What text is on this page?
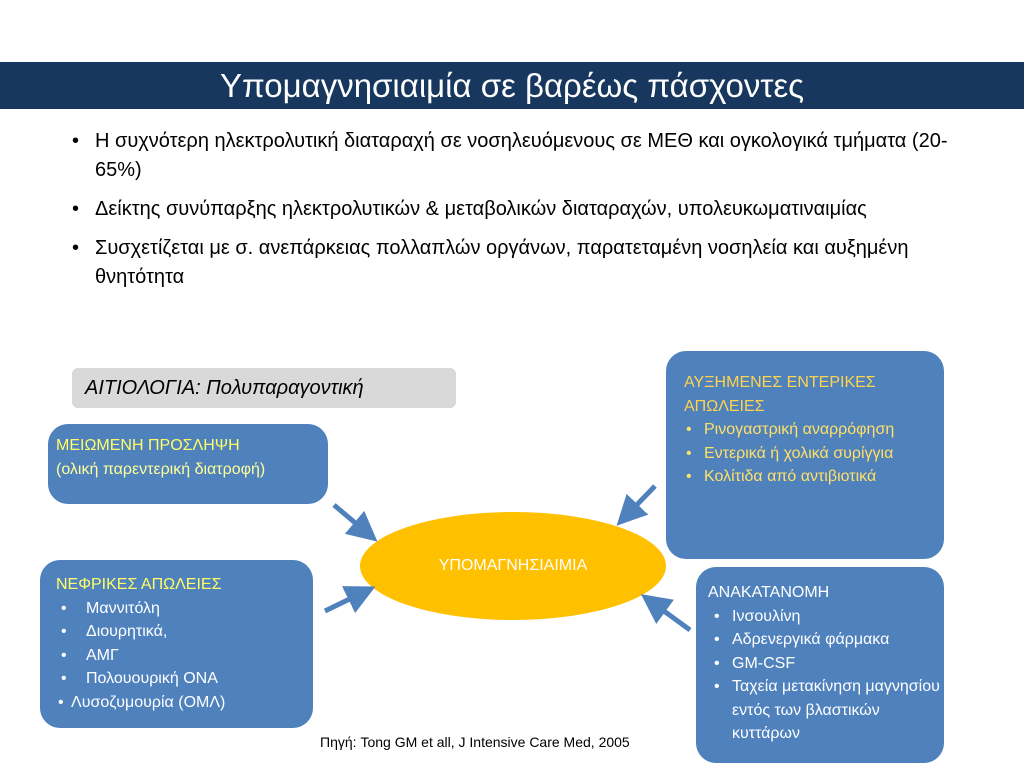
Υπομαγνησιαιμία σε βαρέως πάσχοντες
• Η συχνότερη ηλεκτρολυτική διαταραχή σε νοσηλευόμενους σε ΜΕΘ και ογκολογικά τμήματα (20-65%)
• Δείκτης συνύπαρξης ηλεκτρολυτικών & μεταβολικών διαταραχών, υπολευκωματιναιμίας
• Συσχετίζεται με σ. ανεπάρκειας πολλαπλών οργάνων, παρατεταμένη νοσηλεία και αυξημένη θνητότητα
ΑΙΤΙΟΛΟΓΙΑ: Πολυπαραγοντική
ΜΕΙΩΜΕΝΗ ΠΡΟΣΛΗΨΗ
(ολική παρεντερική διατροφή)
ΝΕΦΡΙΚΕΣ ΑΠΩΛΕΙΕΣ
• Μαννιτόλη
• Διουρητικά,
• ΑΜΓ
• Πολουουρική ΟΝΑ
• Λυσοζυμουρία (ΟΜΛ)
ΑΥΞΗΜΕΝΕΣ ΕΝΤΕΡΙΚΕΣ
ΑΠΩΛΕΙΕΣ
• Ρινογαστρική αναρρόφηση
• Εντερικά ή χολικά συρίγγια
• Κολίτιδα από αντιβιοτικά
ΑΝΑΚΑΤΑΝΟΜΗ
• Ινσουλίνη
• Αδρενεργικά φάρμακα
• GM-CSF
• Ταχεία μετακίνηση μαγνησίου εντός των βλαστικών κυττάρων
ΥΠΟΜΑΓΝΗΣΙΑΙΜΙΑ
Πηγή: Tong GM et all, J Intensive Care Med, 2005
